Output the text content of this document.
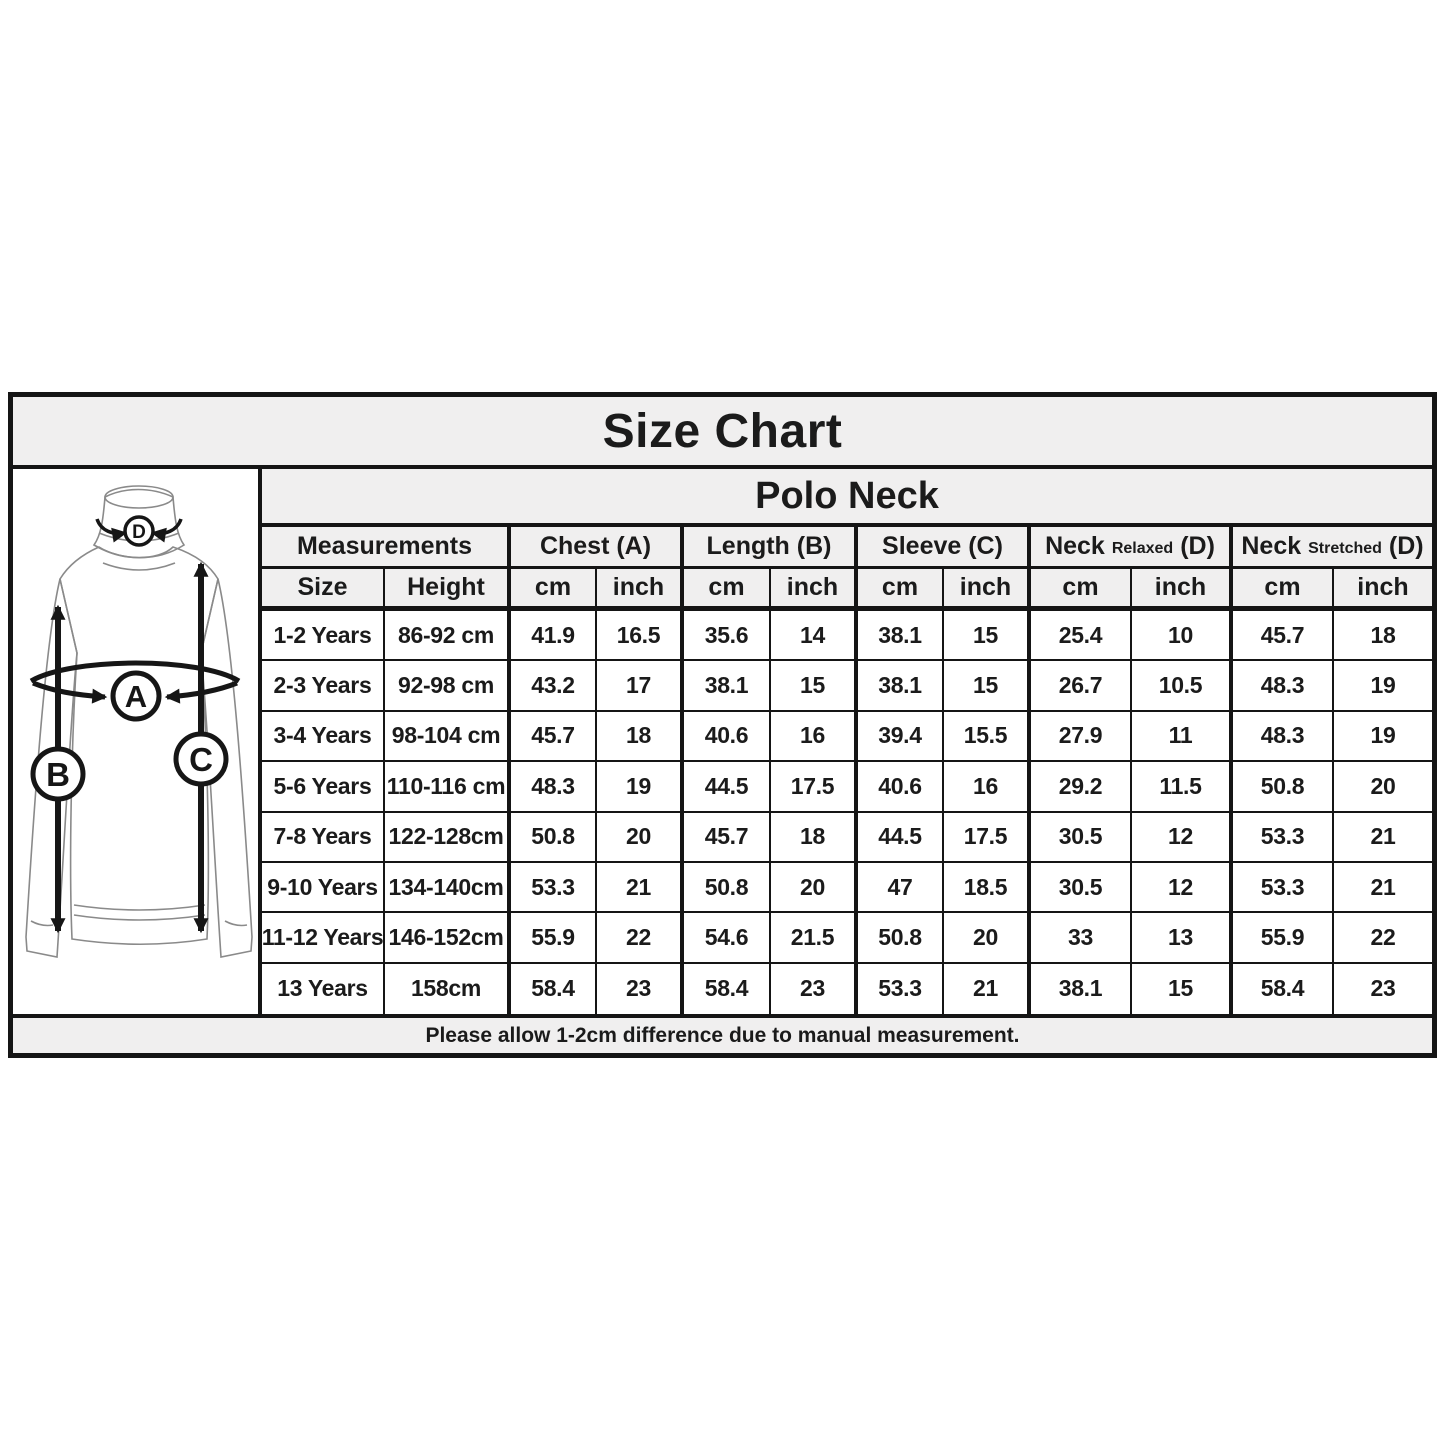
Size Chart
D
A
B	C
Polo Neck
Measurements	Chest (A) Length (B) Sleeve (C) Neck Relaxed (D) Neck Stretched (D)
Size	Height	cm	inch	cm	inch	cm	inch	cm	inch	cm	inch
1-2 Years	86-92 cm	41.9	16.5	35.6	14	38.1	15	25.4	10	45.7	18
2-3 Years	92-98 cm	43.2	17	38.1	15	38.1	15	26.7	10.5	48.3	19
3-4 Years 98-104 cm	45.7	18	40.6	16	39.4	15.5	27.9	11	48.3	19
5-6 Years 110-116 cm	48.3	19	44.5	17.5	40.6	16	29.2	11.5	50.8	20
7-8 Years 122-128cm	50.8	20	45.7	18	44.5	17.5	30.5	12	53.3	21
9-10 Years 134-140cm	53.3	21	50.8	20	47	18.5	30.5	12	53.3	21
11-12 Years 146-152cm	55.9	22	54.6	21.5	50.8	20	33	13	55.9	22
13 Years	158cm	58.4	23	58.4	23	53.3	21	38.1	15	58.4	23
Please allow 1-2cm difference due to manual measurement.
